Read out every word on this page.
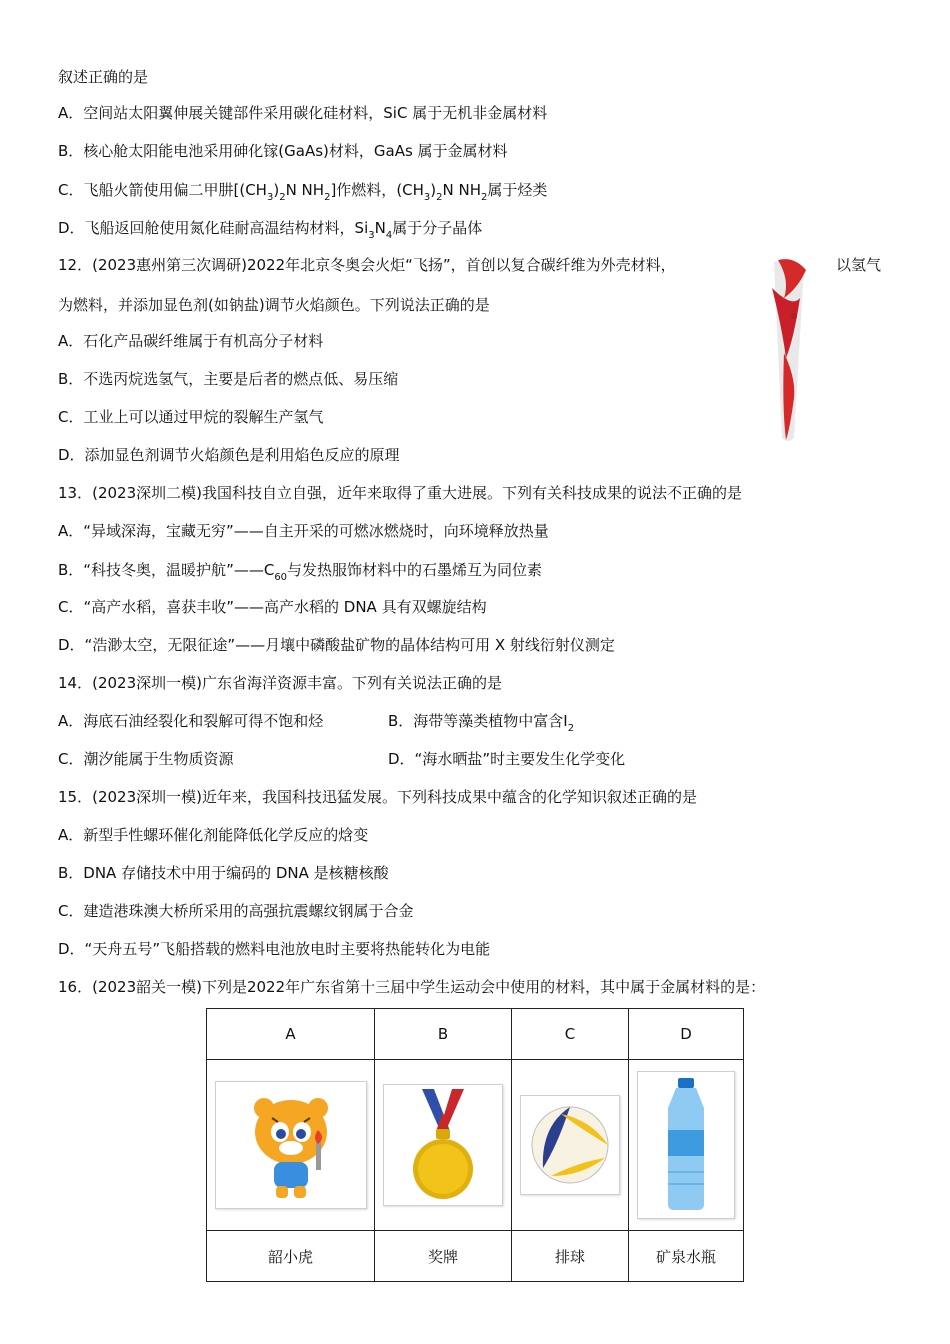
叙述正确的是
A．空间站太阳翼伸展关键部件采用碳化硅材料，SiC 属于无机非金属材料
B．核心舱太阳能电池采用砷化镓(GaAs)材料，GaAs 属于金属材料
C．飞船火箭使用偏二甲肼[$(CH_3)_2N$ $NH_2$]作燃料，$(CH_3)_2N$ $NH_2$属于烃类
D．飞船返回舱使用氮化硅耐高温结构材料，$Si_3N_4$属于分子晶体
12．(2023惠州第三次调研)2022年北京冬奥会火炬“飞扬”，首创以复合碳纤维为外壳材料，	以氢气
为燃料，并添加显色剂(如钠盐)调节火焰颜色。下列说法正确的是
A．石化产品碳纤维属于有机高分子材料
B．不选丙烷选氢气，主要是后者的燃点低、易压缩
C．工业上可以通过甲烷的裂解生产氢气
D．添加显色剂调节火焰颜色是利用焰色反应的原理
13．(2023深圳二模)我国科技自立自强，近年来取得了重大进展。下列有关科技成果的说法不正确的是
A．“异域深海，宝藏无穷”——自主开采的可燃冰燃烧时，向环境释放热量
B．“科技冬奥，温暖护航$”——C_{60}$与发热服饰材料中的石墨烯互为同位素
C．“高产水稻，喜获丰收”——高产水稻的 DNA 具有双螺旋结构
D．“浩渺太空，无限征途”——月壤中磷酸盐矿物的晶体结构可用 X 射线衍射仪测定
14．(2023深圳一模)广东省海洋资源丰富。下列有关说法正确的是
A．海底石油经裂化和裂解可得不饱和烃	B．海带等藻类植物中富含$I_2$
C．潮汐能属于生物质资源	D．“海水晒盐”时主要发生化学变化
15．(2023深圳一模)近年来，我国科技迅猛发展。下列科技成果中蕴含的化学知识叙述正确的是
A．新型手性螺环催化剂能降低化学反应的焓变
B．DNA 存储技术中用于编码的 DNA 是核糖核酸
C．建造港珠澳大桥所采用的高强抗震螺纹钢属于合金
D．“天舟五号”飞船搭载的燃料电池放电时主要将热能转化为电能
16．(2023韶关一模)下列是2022年广东省第十三届中学生运动会中使用的材料，其中属于金属材料的是：
A	B	C	D

韶小虎	奖牌	排球	矿泉水瓶
